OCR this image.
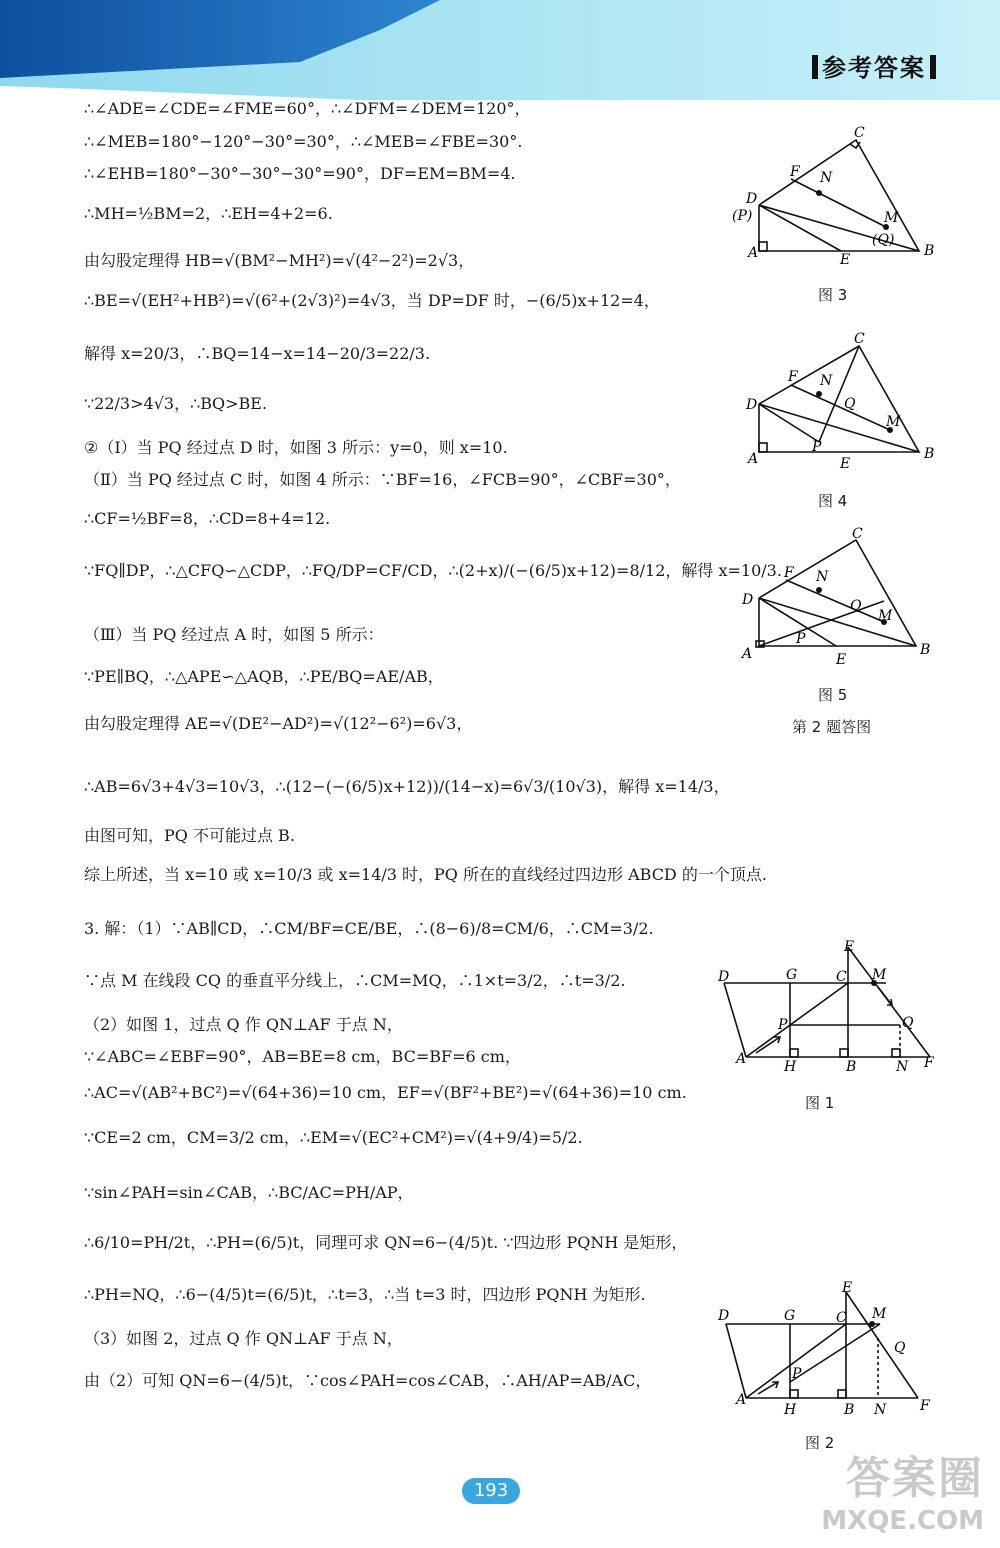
参考答案
∴∠ADE=∠CDE=∠FME=60°，∴∠DFM=∠DEM=120°，
∴∠MEB=180°−120°−30°=30°，∴∠MEB=∠FBE=30°.
∴∠EHB=180°−30°−30°−30°=90°，DF=EM=BM=4.
∴MH=½BM=2，∴EH=4+2=6.
由勾股定理得 HB=√(BM²−MH²)=√(4²−2²)=2√3，
∴BE=√(EH²+HB²)=√(6²+(2√3)²)=4√3，当 DP=DF 时，−(6/5)x+12=4，
解得 x=20/3，∴BQ=14−x=14−20/3=22/3.
∵22/3>4√3，∴BQ>BE.
②（Ⅰ）当 PQ 经过点 D 时，如图 3 所示：y=0，则 x=10.
（Ⅱ）当 PQ 经过点 C 时，如图 4 所示：∵BF=16，∠FCB=90°，∠CBF=30°，
∴CF=½BF=8，∴CD=8+4=12.
∵FQ∥DP，∴△CFQ∽△CDP，∴FQ/DP=CF/CD，∴(2+x)/(−(6/5)x+12)=8/12，解得 x=10/3.
（Ⅲ）当 PQ 经过点 A 时，如图 5 所示：
∵PE∥BQ，∴△APE∽△AQB，∴PE/BQ=AE/AB，
由勾股定理得 AE=√(DE²−AD²)=√(12²−6²)=6√3，
∴AB=6√3+4√3=10√3，∴(12−(−(6/5)x+12))/(14−x)=6√3/(10√3)，解得 x=14/3，
由图可知，PQ 不可能过点 B.
综上所述，当 x=10 或 x=10/3 或 x=14/3 时，PQ 所在的直线经过四边形 ABCD 的一个顶点.
3. 解：（1）∵AB∥CD，∴CM/BF=CE/BE，∴(8−6)/8=CM/6，∴CM=3/2.
∵点 M 在线段 CQ 的垂直平分线上，∴CM=MQ，∴1×t=3/2，∴t=3/2.
（2）如图 1，过点 Q 作 QN⊥AF 于点 N，
∵∠ABC=∠EBF=90°，AB=BE=8 cm，BC=BF=6 cm，
∴AC=√(AB²+BC²)=√(64+36)=10 cm，EF=√(BF²+BE²)=√(64+36)=10 cm.
∵CE=2 cm，CM=3/2 cm，∴EM=√(EC²+CM²)=√(4+9/4)=5/2.
∵sin∠PAH=sin∠CAB，∴BC/AC=PH/AP，
∴6/10=PH/2t，∴PH=(6/5)t，同理可求 QN=6−(4/5)t. ∵四边形 PQNH 是矩形，
∴PH=NQ，∴6−(4/5)t=(6/5)t，∴t=3，∴当 t=3 时，四边形 PQNH 为矩形.
（3）如图 2，过点 Q 作 QN⊥AF 于点 N，
由（2）可知 QN=6−(4/5)t，∵cos∠PAH=cos∠CAB，∴AH/AP=AB/AC，
C
F N
D
(P)	M
(Q)
A	E
B
图 3
C
F N
Q
D
M
P
A	E
B
图 4
C
F N
Q
D
M
P
A	E
B
图 5
第 2 题答图
E
D	G	C M
P	Q
A	H	B	N F
图 1
E
D	G	C M
Q
P
A
H	B N F
图 2
193	答案圈
MXQE.COM
